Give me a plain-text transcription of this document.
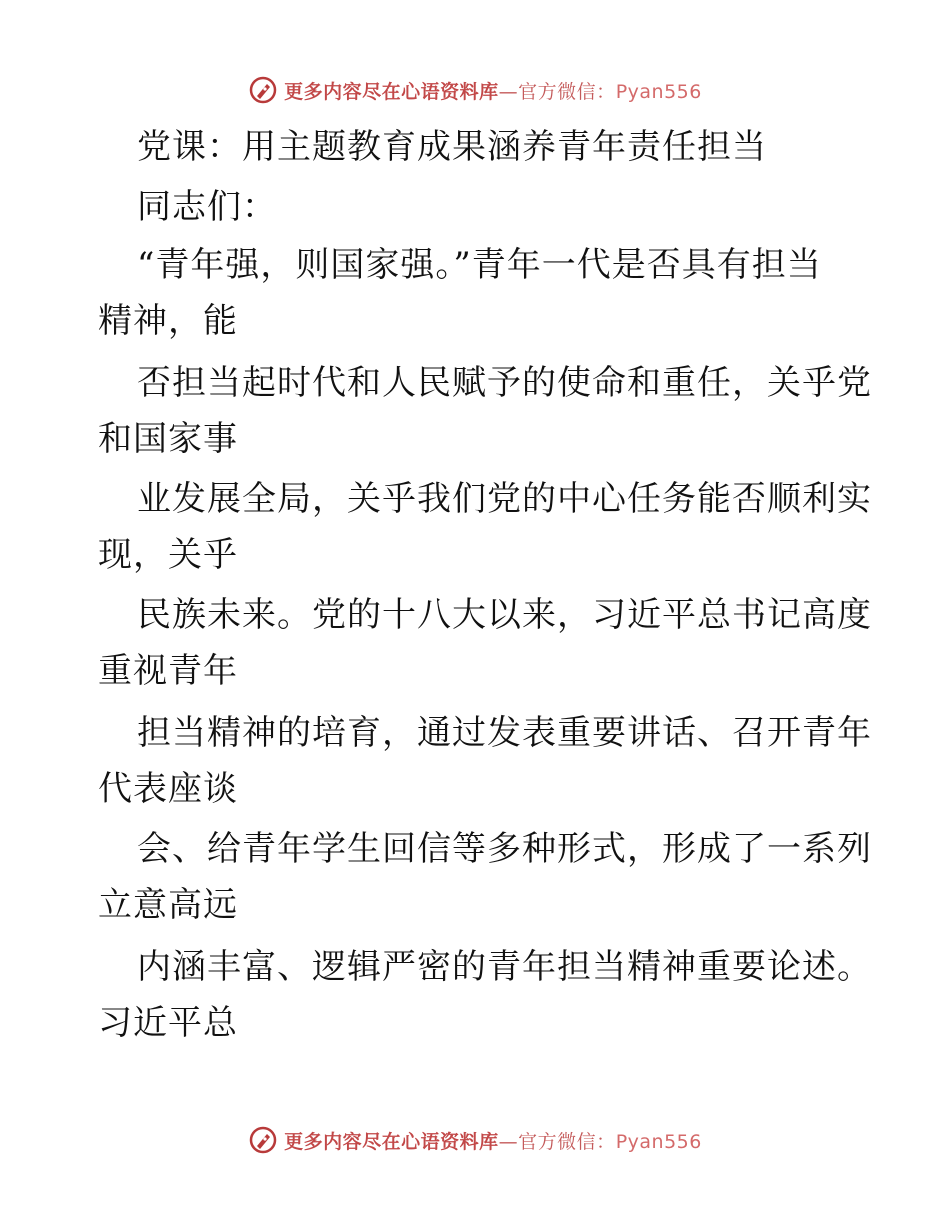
更多内容尽在心语资料库—官方微信：Pyan556
党课：用主题教育成果涵养青年责任担当
同志们：
“青年强，则国家强。”青年一代是否具有担当
精神，能
否担当起时代和人民赋予的使命和重任，关乎党
和国家事
业发展全局，关乎我们党的中心任务能否顺利实
现，关乎
民族未来。党的十八大以来，习近平总书记高度
重视青年
担当精神的培育，通过发表重要讲话、召开青年
代表座谈
会、给青年学生回信等多种形式，形成了一系列
立意高远
内涵丰富、逻辑严密的青年担当精神重要论述。
习近平总
更多内容尽在心语资料库—官方微信：Pyan556
